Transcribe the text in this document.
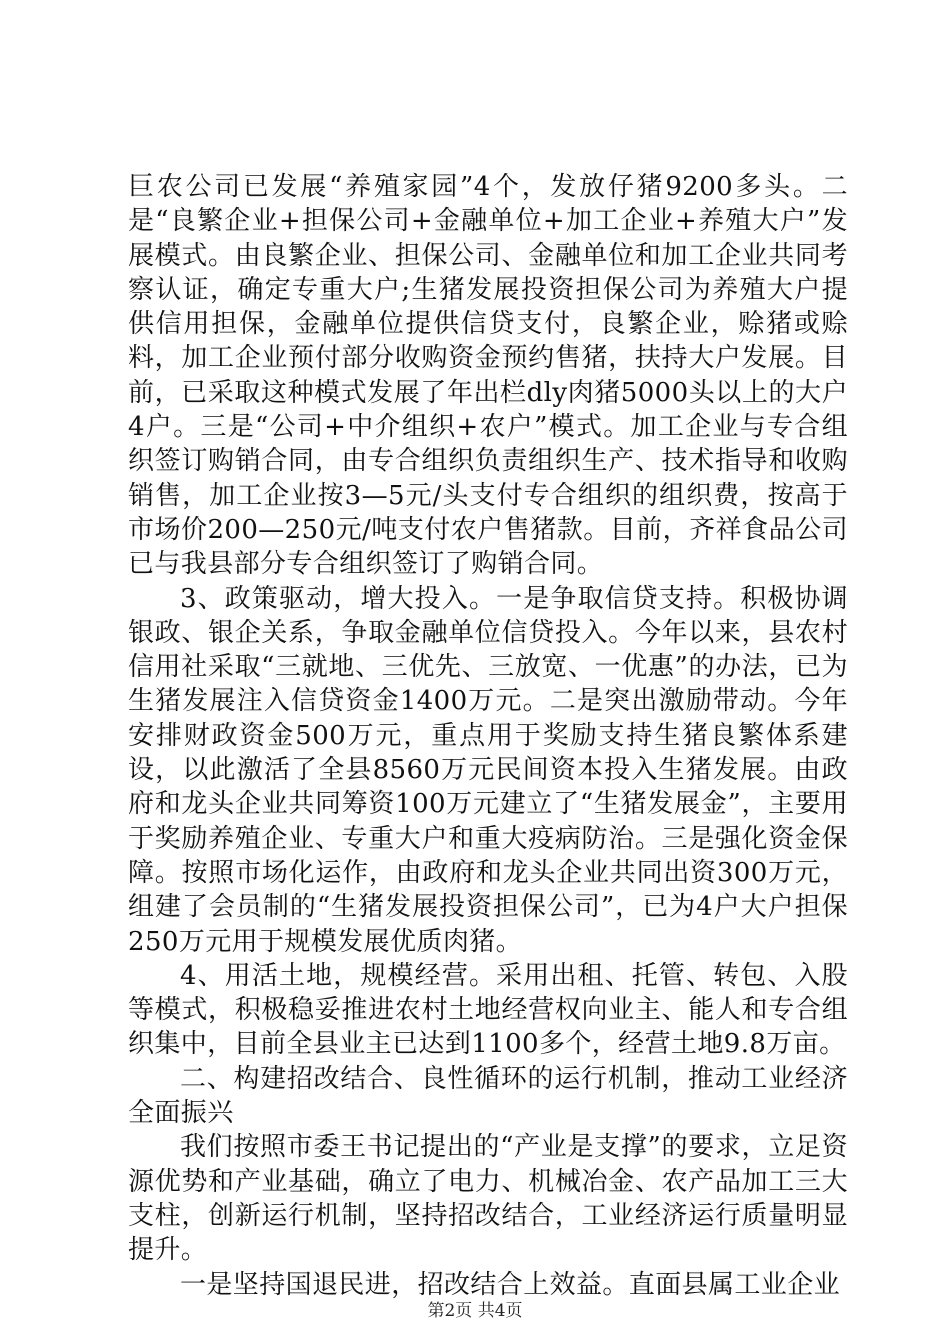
巨农公司已发展“养殖家园”4个，发放仔猪9200多头。二是“良繁企业+担保公司+金融单位+加工企业+养殖大户”发展模式。由良繁企业、担保公司、金融单位和加工企业共同考察认证，确定专重大户;生猪发展投资担保公司为养殖大户提供信用担保，金融单位提供信贷支付，良繁企业，赊猪或赊料，加工企业预付部分收购资金预约售猪，扶持大户发展。目前，已采取这种模式发展了年出栏dly肉猪5000头以上的大户4户。三是“公司+中介组织+农户”模式。加工企业与专合组织签订购销合同，由专合组织负责组织生产、技术指导和收购销售，加工企业按3—5元/头支付专合组织的组织费，按高于市场价200—250元/吨支付农户售猪款。目前，齐祥食品公司已与我县部分专合组织签订了购销合同。

3、政策驱动，增大投入。一是争取信贷支持。积极协调银政、银企关系，争取金融单位信贷投入。今年以来，县农村信用社采取“三就地、三优先、三放宽、一优惠”的办法，已为生猪发展注入信贷资金1400万元。二是突出激励带动。今年安排财政资金500万元，重点用于奖励支持生猪良繁体系建设，以此激活了全县8560万元民间资本投入生猪发展。由政府和龙头企业共同筹资100万元建立了“生猪发展金”，主要用于奖励养殖企业、专重大户和重大疫病防治。三是强化资金保障。按照市场化运作，由政府和龙头企业共同出资300万元，组建了会员制的“生猪发展投资担保公司”，已为4户大户担保250万元用于规模发展优质肉猪。

4、用活土地，规模经营。采用出租、托管、转包、入股等模式，积极稳妥推进农村土地经营权向业主、能人和专合组织集中，目前全县业主已达到1100多个，经营土地9.8万亩。

二、构建招改结合、良性循环的运行机制，推动工业经济全面振兴

我们按照市委王书记提出的“产业是支撑”的要求，立足资源优势和产业基础，确立了电力、机械冶金、农产品加工三大支柱，创新运行机制，坚持招改结合，工业经济运行质量明显提升。

一是坚持国退民进，招改结合上效益。直面县属工业企业

第2页 共4页
